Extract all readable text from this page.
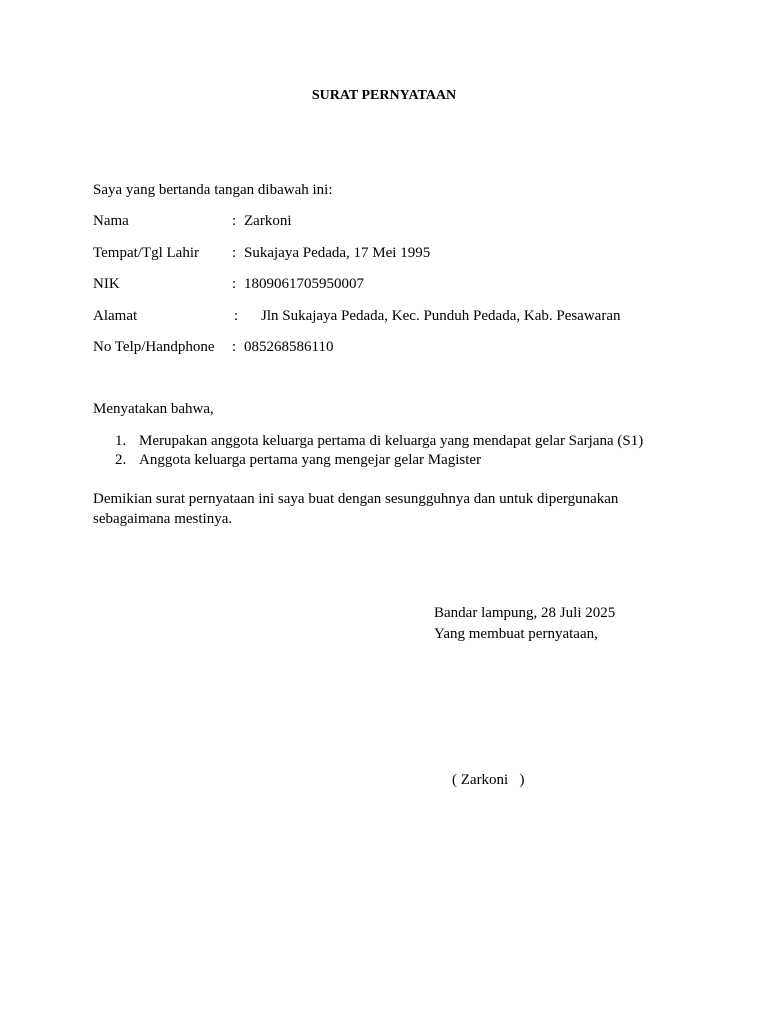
SURAT PERNYATAAN
Saya yang bertanda tangan dibawah ini:
Nama	: Zarkoni
Tempat/Tgl Lahir : Sukajaya Pedada, 17 Mei 1995
NIK	: 1809061705950007
Alamat	: Jln Sukajaya Pedada, Kec. Punduh Pedada, Kab. Pesawaran
No Telp/Handphone : 085268586110
Menyatakan bahwa,
1. Merupakan anggota keluarga pertama di keluarga yang mendapat gelar Sarjana (S1)
2. Anggota keluarga pertama yang mengejar gelar Magister
Demikian surat pernyataan ini saya buat dengan sesungguhnya dan untuk dipergunakan sebagaimana mestinya.
Bandar lampung, 28 Juli 2025
Yang membuat pernyataan,
( Zarkoni   )
